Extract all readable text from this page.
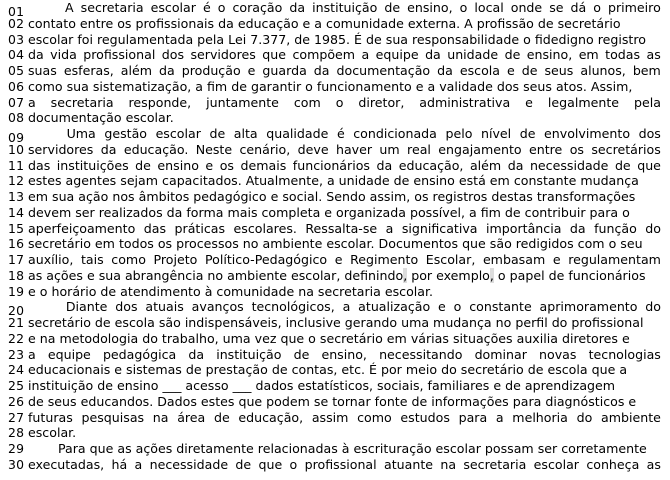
01	A secretaria escolar é o coração da instituição de ensino, o local onde se dá o primeiro
02 contato entre os profissionais da educação e a comunidade externa. A profissão de secretário
03 escolar foi regulamentada pela Lei 7.377, de 1985. É de sua responsabilidade o fidedigno registro
04 da vida profissional dos servidores que compõem a equipe da unidade de ensino, em todas as
05 suas esferas, além da produção e guarda da documentação da escola e de seus alunos, bem
06 como sua sistematização, a fim de garantir o funcionamento e a validade dos seus atos. Assim,
07 a secretaria responde, juntamente com o diretor, administrativa e legalmente pela
08 documentação escolar.
09	Uma gestão escolar de alta qualidade é condicionada pelo nível de envolvimento dos
10 servidores da educação. Neste cenário, deve haver um real engajamento entre os secretários
11 das instituições de ensino e os demais funcionários da educação, além da necessidade de que
12 estes agentes sejam capacitados. Atualmente, a unidade de ensino está em constante mudança
13 em sua ação nos âmbitos pedagógico e social. Sendo assim, os registros destas transformações
14 devem ser realizados da forma mais completa e organizada possível, a fim de contribuir para o
15 aperfeiçoamento das práticas escolares. Ressalta-se a significativa importância da função do
16 secretário em todos os processos no ambiente escolar. Documentos que são redigidos com o seu
17 auxílio, tais como Projeto Político-Pedagógico e Regimento Escolar, embasam e regulamentam
18 as ações e sua abrangência no ambiente escolar, definindo, por exemplo, o papel de funcionários
19 e o horário de atendimento à comunidade na secretaria escolar.
20	Diante dos atuais avanços tecnológicos, a atualização e o constante aprimoramento do
21 secretário de escola são indispensáveis, inclusive gerando uma mudança no perfil do profissional
22 e na metodologia do trabalho, uma vez que o secretário em várias situações auxilia diretores e
23 a equipe pedagógica da instituição de ensino, necessitando dominar novas tecnologias
24 educacionais e sistemas de prestação de contas, etc. É por meio do secretário de escola que a
25 instituição de ensino ___ acesso ___ dados estatísticos, sociais, familiares e de aprendizagem
26 de seus educandos. Dados estes que podem se tornar fonte de informações para diagnósticos e
27 futuras pesquisas na área de educação, assim como estudos para a melhoria do ambiente
28 escolar.
29	Para que as ações diretamente relacionadas à escrituração escolar possam ser corretamente
30 executadas, há a necessidade de que o profissional atuante na secretaria escolar conheça as
